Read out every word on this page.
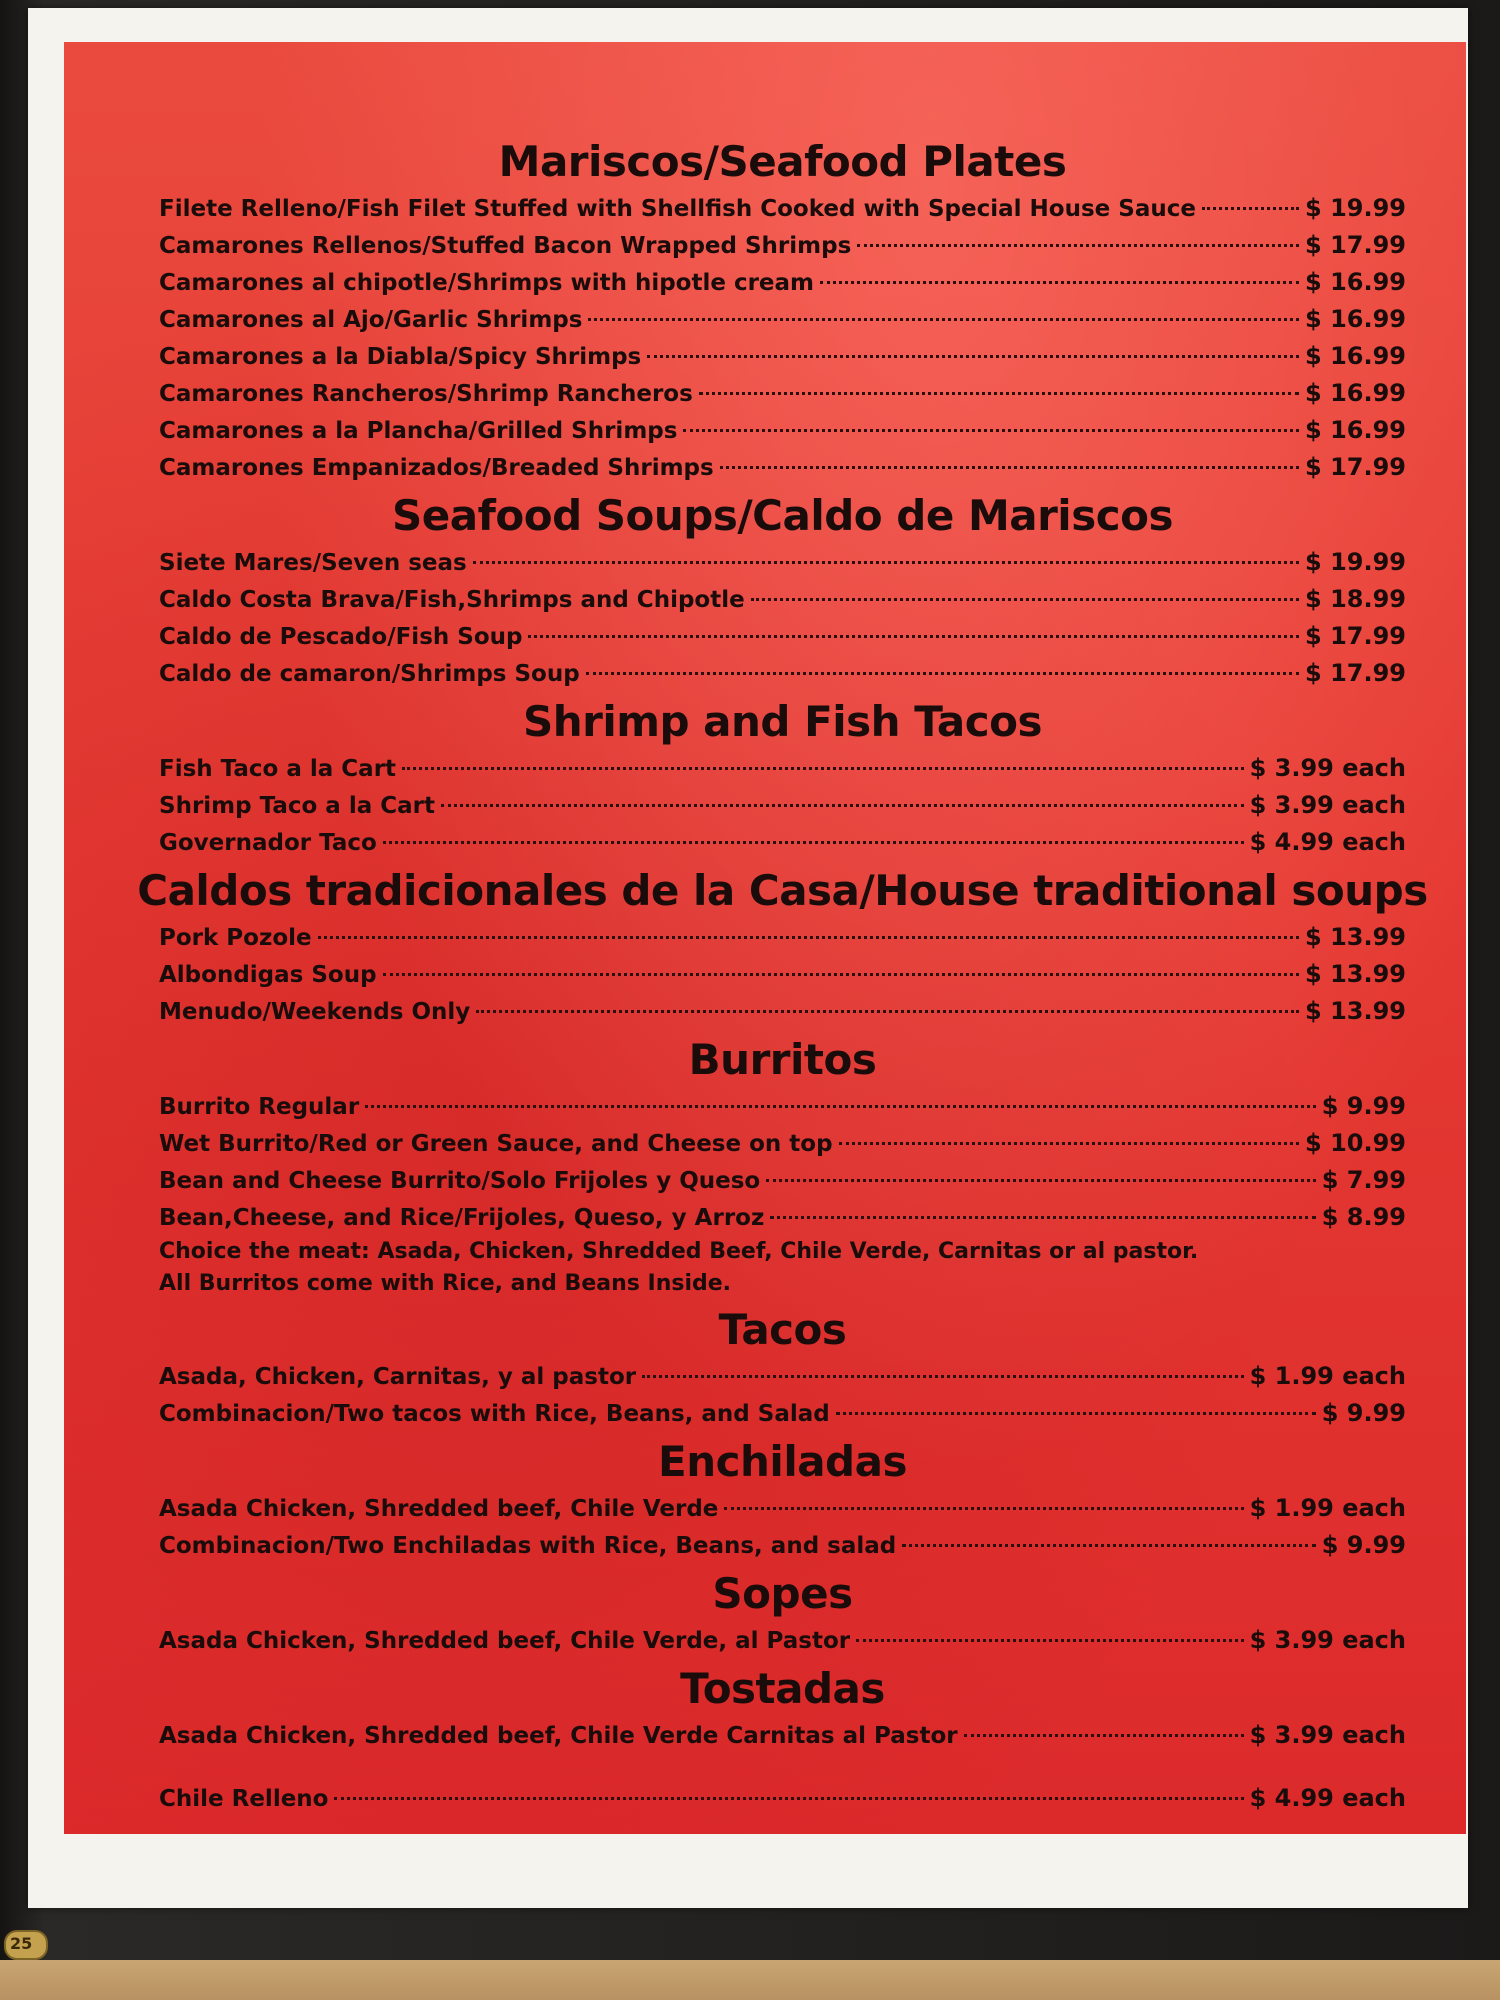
Mariscos/Seafood Plates
Filete Relleno/Fish Filet Stuffed with Shellfish Cooked with Special House Sauce	$ 19.99
Camarones Rellenos/Stuffed Bacon Wrapped Shrimps	$ 17.99
Camarones al chipotle/Shrimps with hipotle cream	$ 16.99
Camarones al Ajo/Garlic Shrimps	$ 16.99
Camarones a la Diabla/Spicy Shrimps	$ 16.99
Camarones Rancheros/Shrimp Rancheros	$ 16.99
Camarones a la Plancha/Grilled Shrimps	$ 16.99
Camarones Empanizados/Breaded Shrimps	$ 17.99
Seafood Soups/Caldo de Mariscos
Siete Mares/Seven seas	$ 19.99
Caldo Costa Brava/Fish,Shrimps and Chipotle	$ 18.99
Caldo de Pescado/Fish Soup	$ 17.99
Caldo de camaron/Shrimps Soup	$ 17.99
Shrimp and Fish Tacos
Fish Taco a la Cart	$ 3.99 each
Shrimp Taco a la Cart	$ 3.99 each
Governador Taco	$ 4.99 each
Caldos tradicionales de la Casa/House traditional soups
Pork Pozole	$ 13.99
Albondigas Soup	$ 13.99
Menudo/Weekends Only	$ 13.99
Burritos
Burrito Regular	$ 9.99
Wet Burrito/Red or Green Sauce, and Cheese on top	$ 10.99
Bean and Cheese Burrito/Solo Frijoles y Queso	$ 7.99
Bean,Cheese, and Rice/Frijoles, Queso, y Arroz	$ 8.99
Choice the meat: Asada, Chicken, Shredded Beef, Chile Verde, Carnitas or al pastor.
All Burritos come with Rice, and Beans Inside.
Tacos
Asada, Chicken, Carnitas, y al pastor	$ 1.99 each
Combinacion/Two tacos with Rice, Beans, and Salad	$ 9.99
Enchiladas
Asada Chicken, Shredded beef, Chile Verde	$ 1.99 each
Combinacion/Two Enchiladas with Rice, Beans, and salad	$ 9.99
Sopes
Asada Chicken, Shredded beef, Chile Verde, al Pastor	$ 3.99 each
Tostadas
Asada Chicken, Shredded beef, Chile Verde Carnitas al Pastor	$ 3.99 each
Chile Relleno	$ 4.99 each
25
